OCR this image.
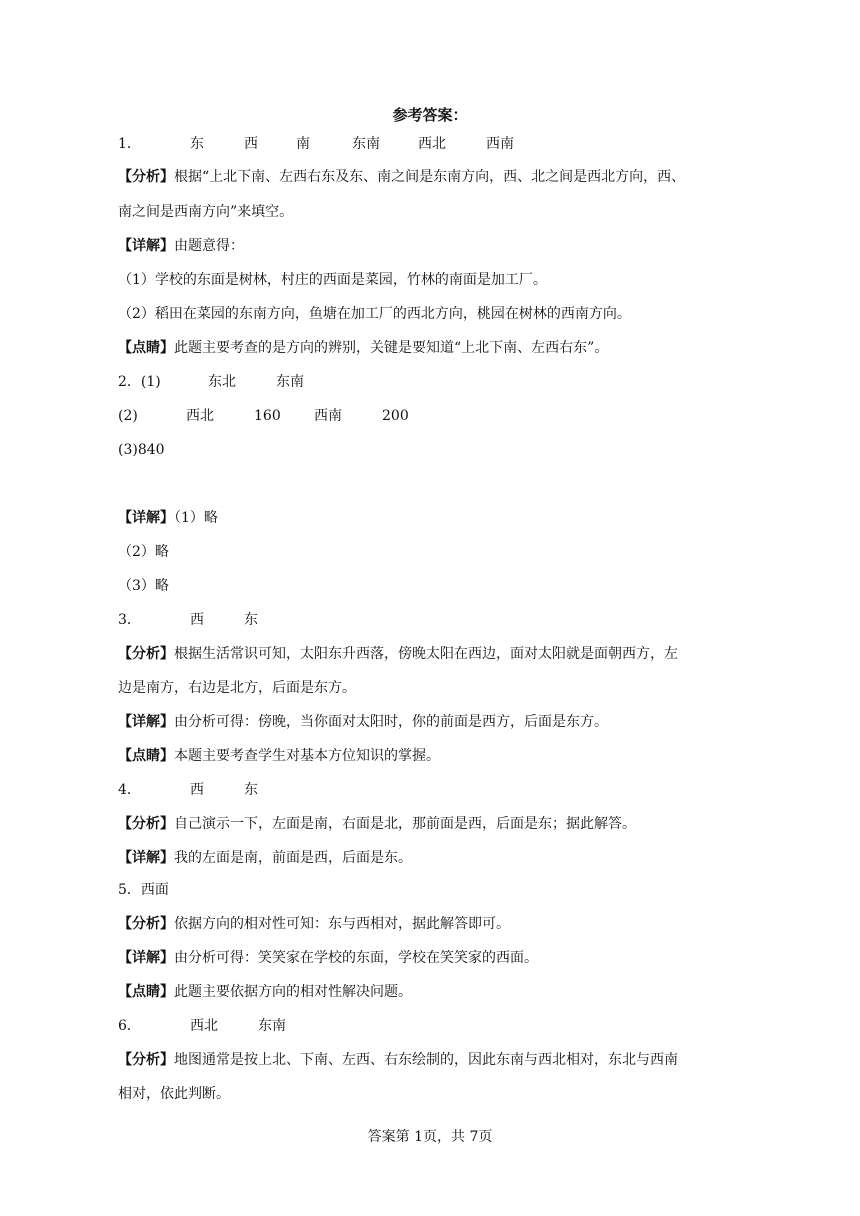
参考答案：
1．	东	西	南	东南	西北	西南
【分析】根据“上北下南、左西右东及东、南之间是东南方向，西、北之间是西北方向，西、
南之间是西南方向”来填空。
【详解】由题意得：
（1）学校的东面是树林，村庄的西面是菜园，竹林的南面是加工厂。
（2）稻田在菜园的东南方向，鱼塘在加工厂的西北方向，桃园在树林的西南方向。
【点睛】此题主要考查的是方向的辨别，关键是要知道“上北下南、左西右东”。
2．(1)	东北	东南
(2)	西北	160 西南	200
(3)840
【详解】（1）略
（2）略
（3）略
3．	西	东
【分析】根据生活常识可知，太阳东升西落，傍晚太阳在西边，面对太阳就是面朝西方，左
边是南方，右边是北方，后面是东方。
【详解】由分析可得：傍晚，当你面对太阳时，你的前面是西方，后面是东方。
【点睛】本题主要考查学生对基本方位知识的掌握。
4．	西	东
【分析】自己演示一下，左面是南，右面是北，那前面是西，后面是东；据此解答。
【详解】我的左面是南，前面是西，后面是东。
5．西面
【分析】依据方向的相对性可知：东与西相对，据此解答即可。
【详解】由分析可得：笑笑家在学校的东面，学校在笑笑家的西面。
【点睛】此题主要依据方向的相对性解决问题。
6．	西北	东南
【分析】地图通常是按上北、下南、左西、右东绘制的，因此东南与西北相对，东北与西南
相对，依此判断。
答案第 1页，共 7页
